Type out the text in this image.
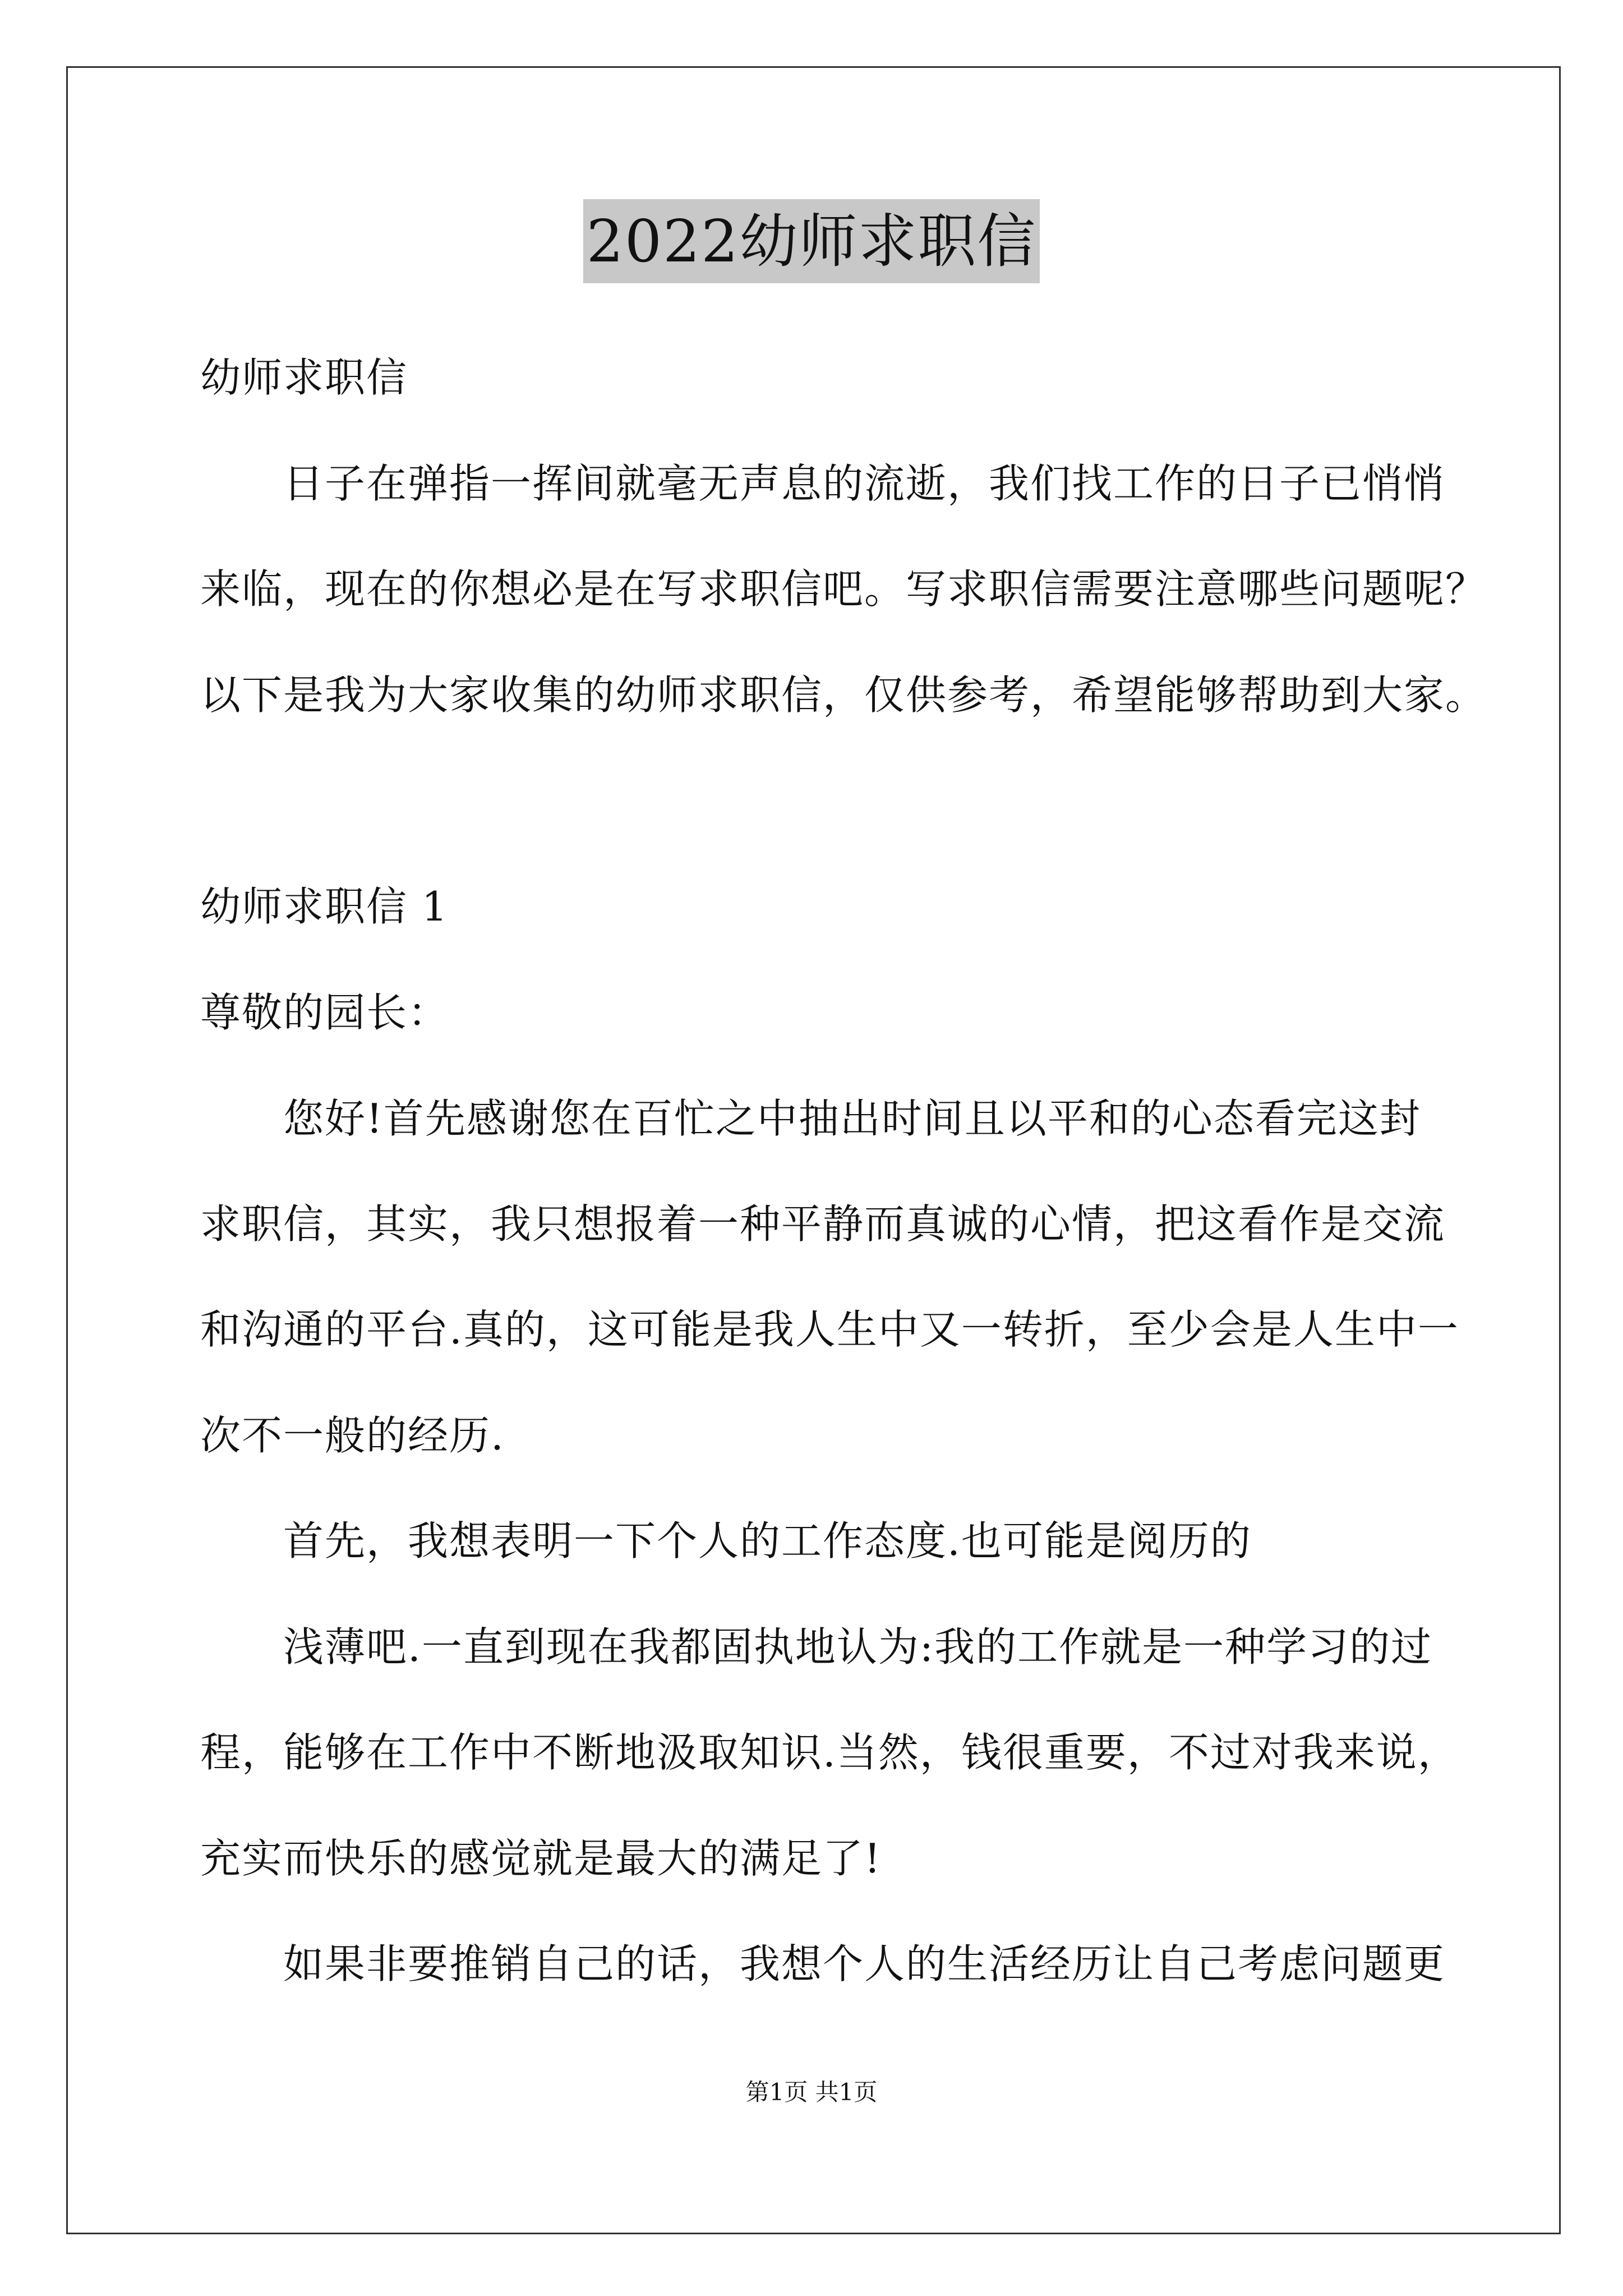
2022幼师求职信
幼师求职信
日子在弹指一挥间就毫无声息的流逝，我们找工作的日子已悄悄
来临，现在的你想必是在写求职信吧。写求职信需要注意哪些问题呢？
以下是我为大家收集的幼师求职信，仅供参考，希望能够帮助到大家。
幼师求职信 1
尊敬的园长：
您好!首先感谢您在百忙之中抽出时间且以平和的心态看完这封
求职信，其实，我只想报着一种平静而真诚的心情，把这看作是交流
和沟通的平台.真的，这可能是我人生中又一转折，至少会是人生中一
次不一般的经历.
首先，我想表明一下个人的工作态度.也可能是阅历的
浅薄吧.一直到现在我都固执地认为:我的工作就是一种学习的过
程，能够在工作中不断地汲取知识.当然，钱很重要，不过对我来说，
充实而快乐的感觉就是最大的满足了!
如果非要推销自己的话，我想个人的生活经历让自己考虑问题更
第1页 共1页
